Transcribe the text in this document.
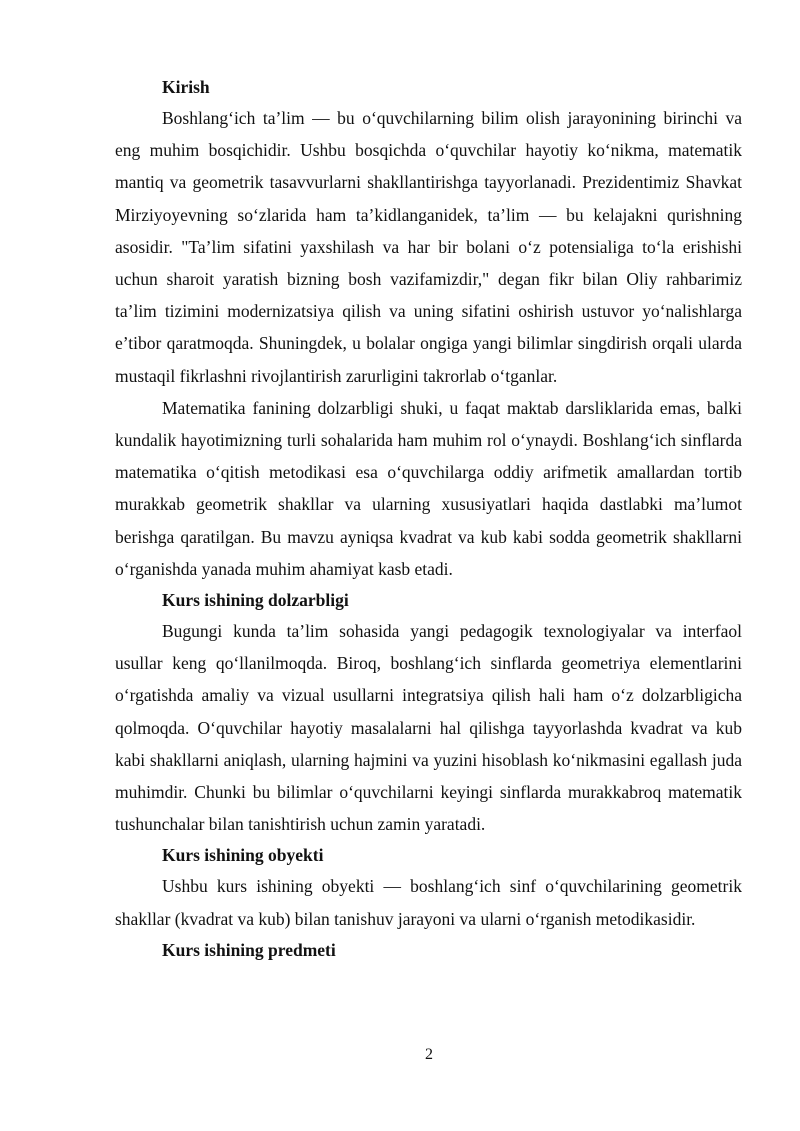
Kirish

Boshlang‘ich ta’lim — bu o‘quvchilarning bilim olish jarayonining birinchi va eng muhim bosqichidir. Ushbu bosqichda o‘quvchilar hayotiy ko‘nikma, matematik mantiq va geometrik tasavvurlarni shakllantirishga tayyorlanadi. Prezidentimiz Shavkat Mirziyoyevning so‘zlarida ham ta’kidlanganidek, ta’lim — bu kelajakni qurishning asosidir. "Ta’lim sifatini yaxshilash va har bir bolani o‘z potensialiga to‘la erishishi uchun sharoit yaratish bizning bosh vazifamizdir," degan fikr bilan Oliy rahbarimiz ta’lim tizimini modernizatsiya qilish va uning sifatini oshirish ustuvor yo‘nalishlarga e’tibor qaratmoqda. Shuningdek, u bolalar ongiga yangi bilimlar singdirish orqali ularda mustaqil fikrlashni rivojlantirish zarurligini takrorlab o‘tganlar.

Matematika fanining dolzarbligi shuki, u faqat maktab darsliklarida emas, balki kundalik hayotimizning turli sohalarida ham muhim rol o‘ynaydi. Boshlang‘ich sinflarda matematika o‘qitish metodikasi esa o‘quvchilarga oddiy arifmetik amallardan tortib murakkab geometrik shakllar va ularning xususiyatlari haqida dastlabki ma’lumot berishga qaratilgan. Bu mavzu ayniqsa kvadrat va kub kabi sodda geometrik shakllarni o‘rganishda yanada muhim ahamiyat kasb etadi.

Kurs ishining dolzarbligi

Bugungi kunda ta’lim sohasida yangi pedagogik texnologiyalar va interfaol usullar keng qo‘llanilmoqda. Biroq, boshlang‘ich sinflarda geometriya elementlarini o‘rgatishda amaliy va vizual usullarni integratsiya qilish hali ham o‘z dolzarbligicha qolmoqda. O‘quvchilar hayotiy masalalarni hal qilishga tayyorlashda kvadrat va kub kabi shakllarni aniqlash, ularning hajmini va yuzini hisoblash ko‘nikmasini egallash juda muhimdir. Chunki bu bilimlar o‘quvchilarni keyingi sinflarda murakkabroq matematik tushunchalar bilan tanishtirish uchun zamin yaratadi.

Kurs ishining obyekti

Ushbu kurs ishining obyekti — boshlang‘ich sinf o‘quvchilarining geometrik shakllar (kvadrat va kub) bilan tanishuv jarayoni va ularni o‘rganish metodikasidir.

Kurs ishining predmeti

2
